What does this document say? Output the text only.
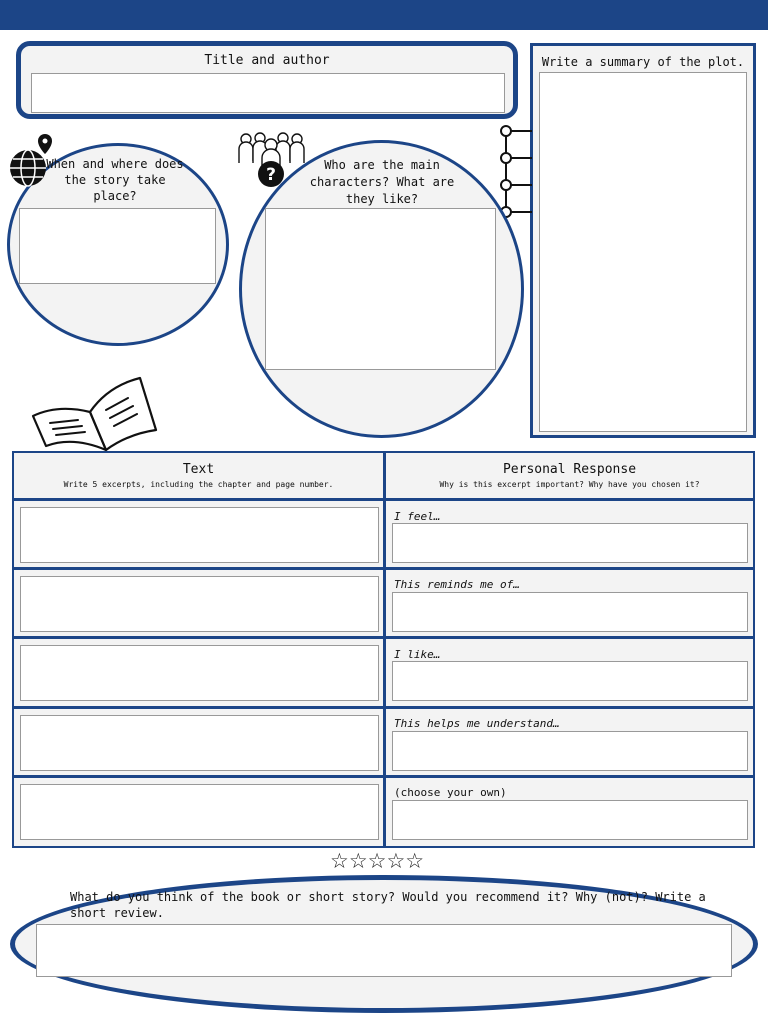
Title and author	Write a summary of the plot.
When and where does the story take place?
Who are the main characters? What are they like?
?
Text
Write 5 excerpts, including the chapter and page number.
Personal Response
Why is this excerpt important? Why have you chosen it?
I feel…
This reminds me of…
I like…
This helps me understand…
(choose your own)
☆☆☆☆☆
What do you think of the book or short story? Would you recommend it? Why (not)? Write a short review.
